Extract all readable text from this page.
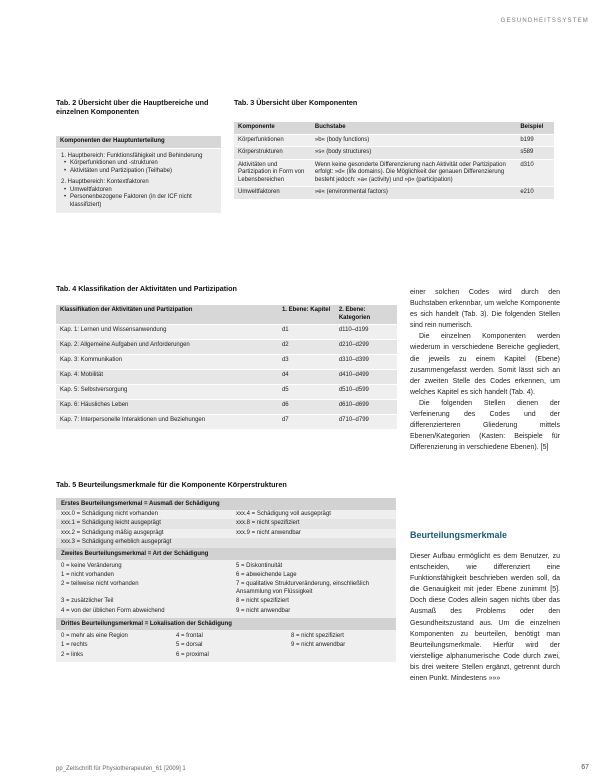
GESUNDHEITSSYSTEM
Tab. 2 Übersicht über die Hauptbereiche und einzelnen Komponenten
Komponenten der Hauptunterteilung

1. Hauptbereich: Funktionsfähigkeit und Behinderung
• Körperfunktionen und -strukturen
• Aktivitäten und Partizipation (Teilhabe)
2. Hauptbereich: Kontextfaktoren
• Umweltfaktoren
• Personenbezogene Faktoren (in der ICF nicht klassifiziert)
Tab. 3 Übersicht über Komponenten
Komponente	Buchstabe	Beispiel
Körperfunktionen	»b« (body functions)	b199
Körperstrukturen	»s« (body structures)	s589
Aktivitäten und Partizipation in Form von Lebensbereichen	Wenn keine gesonderte Differenzierung nach Aktivität oder Partizipation erfolgt: »d« (life domains). Die Möglichkeit der genauen Differenzierung besteht jedoch: »a« (activity) und »p« (participation)	d310
Umweltfaktoren	»e« (environmental factors)	e210
Tab. 4 Klassifikation der Aktivitäten und Partizipation
Klassifikation der Aktivitäten und Partizipation	1. Ebene: Kapitel	2. Ebene: Kategorien
Kap. 1: Lernen und Wissensanwendung	d1	d110–d199
Kap. 2: Allgemeine Aufgaben und Anforderungen	d2	d210–d299
Kap. 3: Kommunikation	d3	d310–d399
Kap. 4: Mobilität	d4	d410–d499
Kap. 5: Selbstversorgung	d5	d510–d599
Kap. 6: Häusliches Leben	d6	d610–d699
Kap. 7: Interpersonelle Interaktionen und Beziehungen	d7	d710–d799
Tab. 5 Beurteilungsmerkmale für die Komponente Körperstrukturen
Erstes Beurteilungsmerkmal = Ausmaß der Schädigung
xxx.0 = Schädigung nicht vorhanden	xxx.4 = Schädigung voll ausgeprägt
xxx.1 = Schädigung leicht ausgeprägt	xxx.8 = nicht spezifiziert
xxx.2 = Schädigung mäßig ausgeprägt	xxx.9 = nicht anwendbar
xxx.3 = Schädigung erheblich ausgeprägt
Zweites Beurteilungsmerkmal = Art der Schädigung
0 = keine Veränderung	5 = Diskontinuität
1 = nicht vorhanden	6 = abweichende Lage
2 = teilweise nicht vorhanden	7 = qualitative Strukturveränderung, einschließlich Ansammlung von Flüssigkeit
3 = zusätzlicher Teil	8 = nicht spezifiziert
4 = von der üblichen Form abweichend	9 = nicht anwendbar
Drittes Beurteilungsmerkmal = Lokalisation der Schädigung
0 = mehr als eine Region	4 = frontal	8 = nicht spezifiziert
1 = rechts	5 = dorsal	9 = nicht anwendbar
2 = links	6 = proximal

einer solchen Codes wird durch den Buchstaben erkennbar, um welche Komponente es sich handelt (Tab. 3). Die folgenden Stellen sind rein numerisch.

Die einzelnen Komponenten werden wiederum in verschiedene Bereiche gegliedert, die jeweils zu einem Kapitel (Ebene) zusammengefasst werden. Somit lässt sich an der zweiten Stelle des Codes erkennen, um welches Kapitel es sich handelt (Tab. 4).

Die folgenden Stellen dienen der Verfeinerung des Codes und der differenzierteren Gliederung mittels Ebenen/Kategorien (Kasten: Beispiele für Differenzierung in verschiedene Ebenen). [5]

Beurteilungsmerkmale

Dieser Aufbau ermöglicht es dem Benutzer, zu entscheiden, wie differenziert eine Funktionsfähigkeit beschrieben werden soll, da die Genauigkeit mit jeder Ebene zunimmt [5]. Doch diese Codes allein sagen nichts über das Ausmaß des Problems oder den Gesundheitszustand aus. Um die einzelnen Komponenten zu beurteilen, benötigt man Beurteilungsmerkmale. Hierfür wird der vierstellige alphanumerische Code durch zwei, bis drei weitere Stellen ergänzt, getrennt durch einen Punkt. Mindestens »»»

pp_Zeitschrift für Physiotherapeuten_61 [2009] 1	67
